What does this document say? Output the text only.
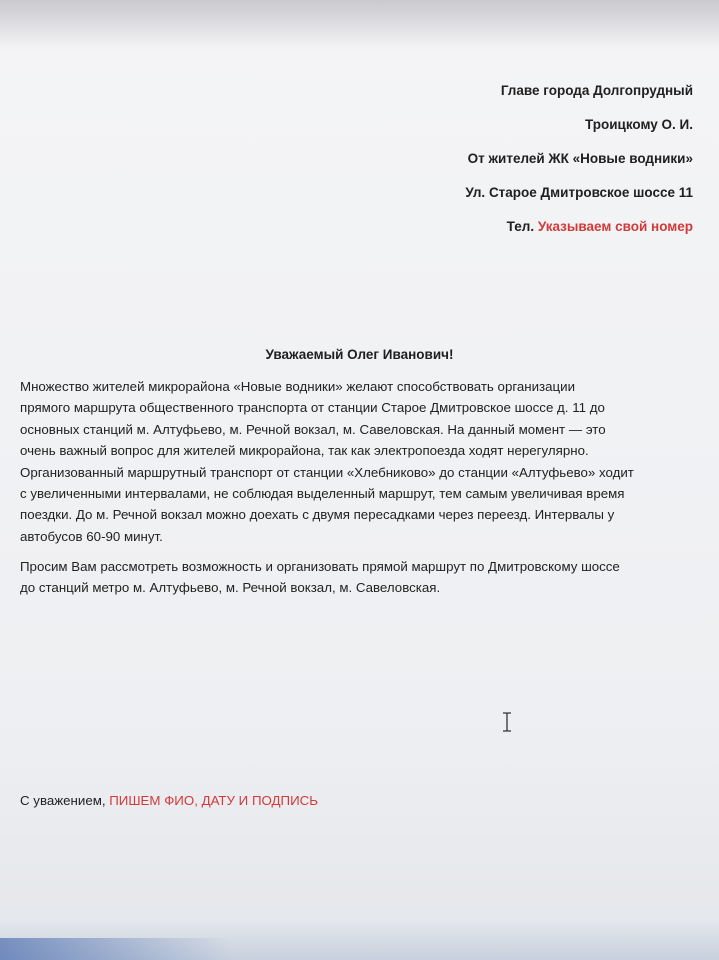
Главе города Долгопрудный
Троицкому О. И.
От жителей ЖК «Новые водники»
Ул. Старое Дмитровское шоссе 11
Тел. Указываем свой номер
Уважаемый Олег Иванович!
Множество жителей микрорайона «Новые водники» желают способствовать организации
прямого маршрута общественного транспорта от станции Старое Дмитровское шоссе д. 11 до
основных станций м. Алтуфьево, м. Речной вокзал, м. Савеловская. На данный момент — это
очень важный вопрос для жителей микрорайона, так как электропоезда ходят нерегулярно.
Организованный маршрутный транспорт от станции «Хлебниково» до станции «Алтуфьево» ходит
с увеличенными интервалами, не соблюдая выделенный маршрут, тем самым увеличивая время
поездки. До м. Речной вокзал можно доехать с двумя пересадками через переезд. Интервалы у
автобусов 60-90 минут.
Просим Вам рассмотреть возможность и организовать прямой маршрут по Дмитровскому шоссе
до станций метро м. Алтуфьево, м. Речной вокзал, м. Савеловская.
С уважением, ПИШЕМ ФИО, ДАТУ И ПОДПИСЬ
